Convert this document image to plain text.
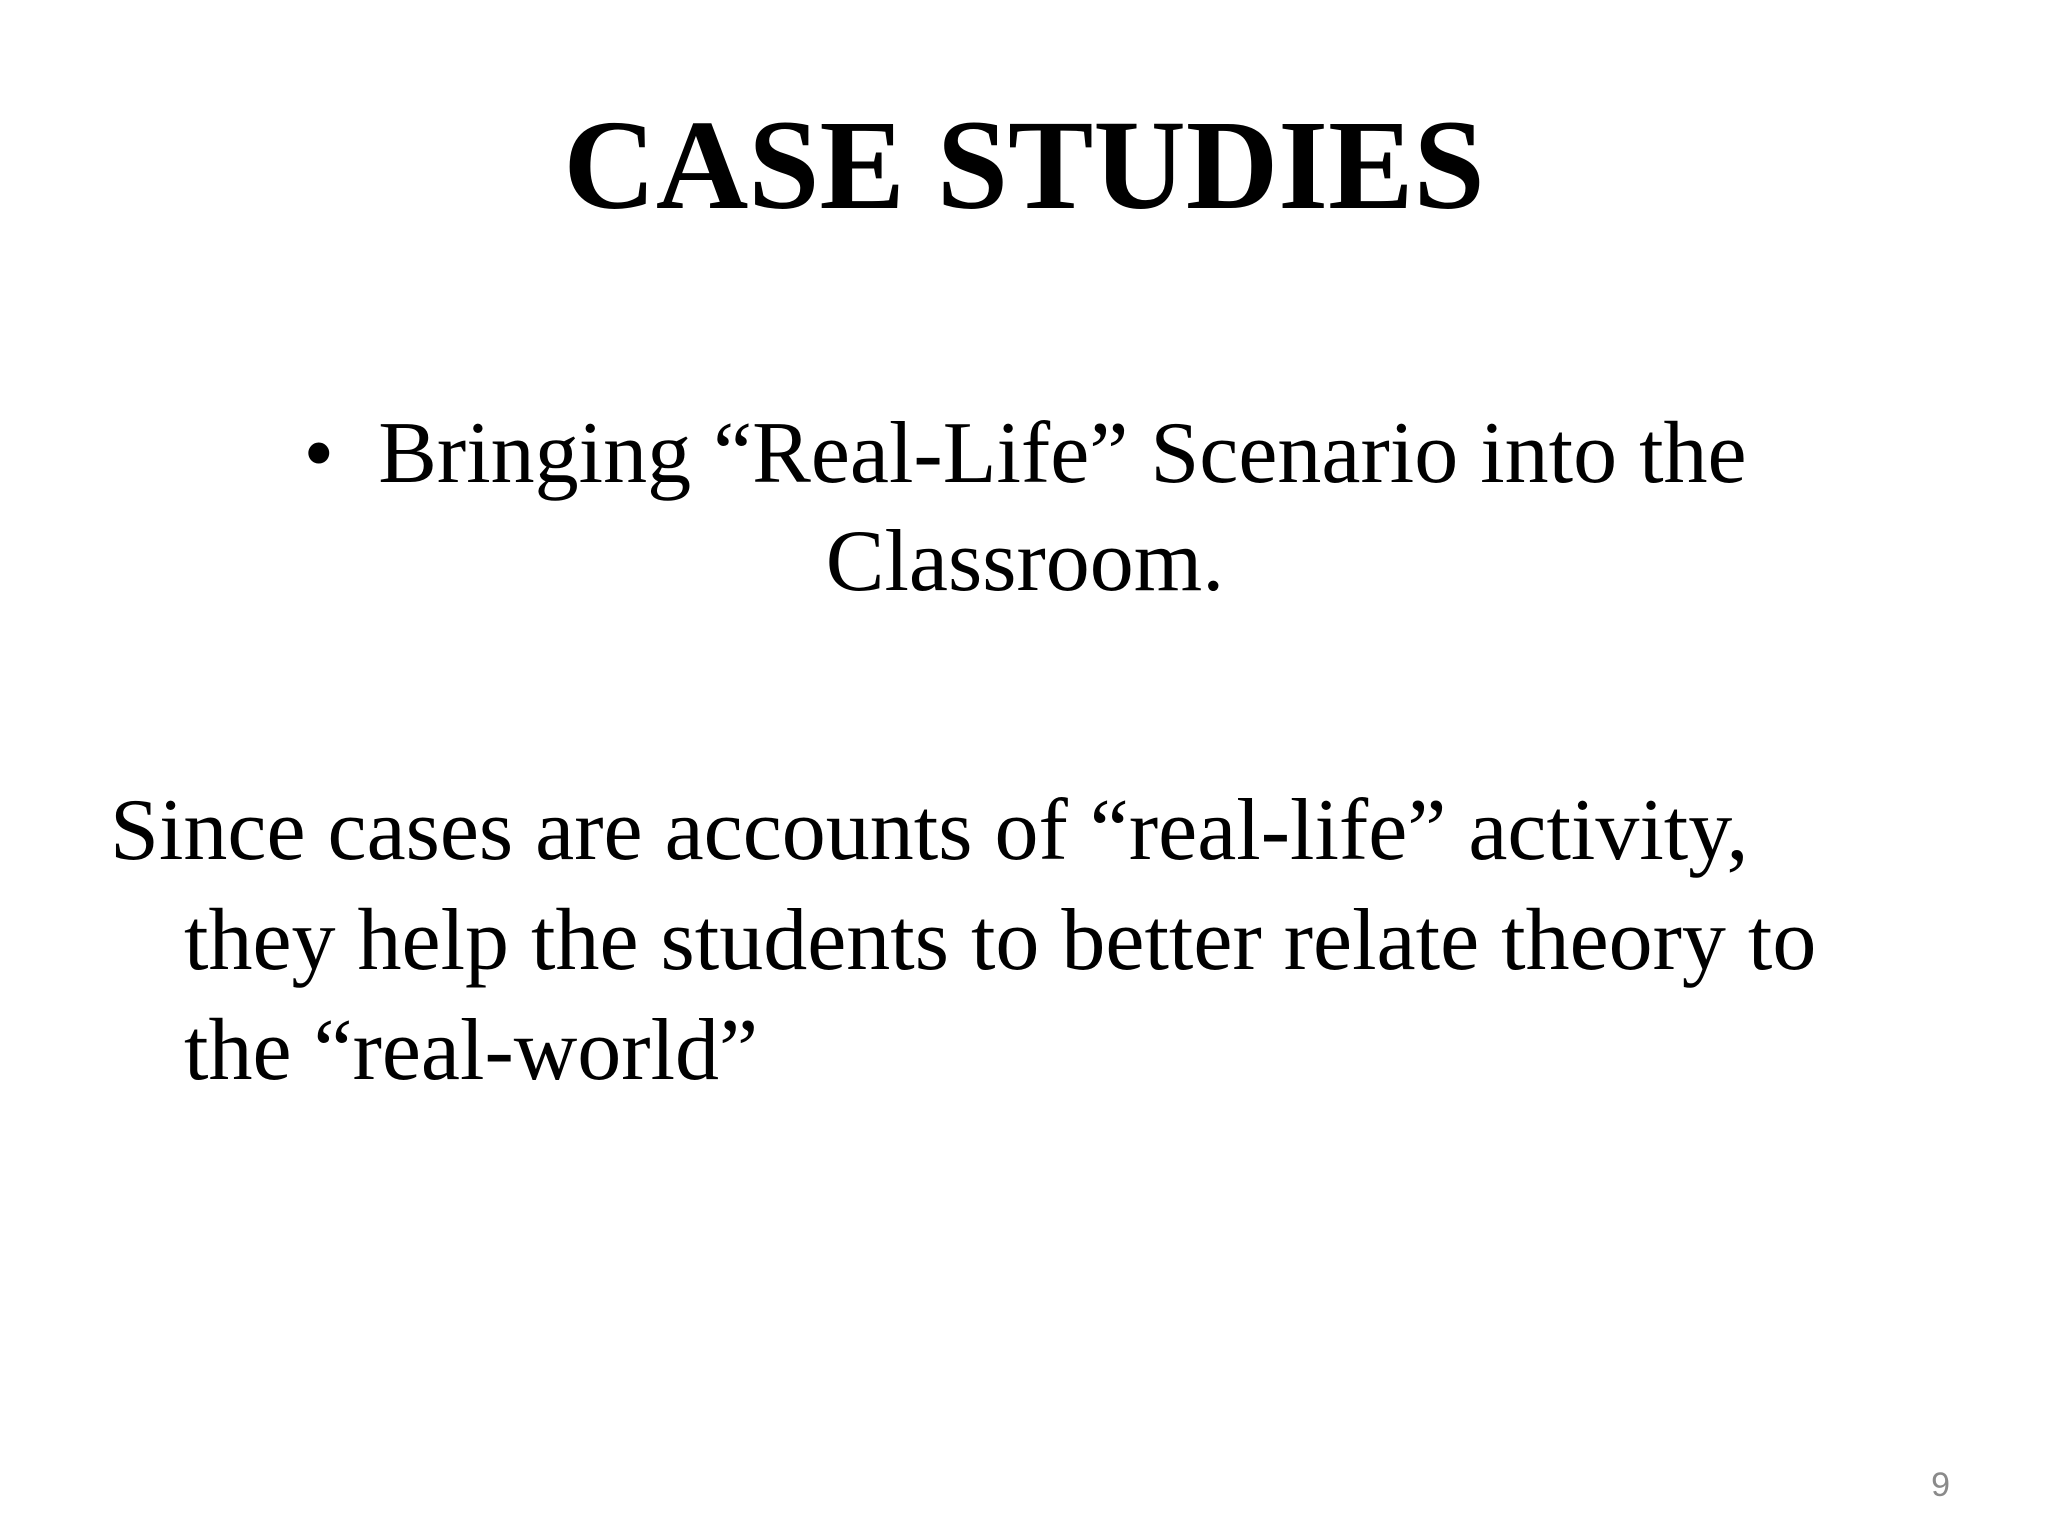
CASE STUDIES
• Bringing “Real-Life” Scenario into the
Classroom.
Since cases are accounts of “real-life” activity,
they help the students to better relate theory to
the “real-world”
9
